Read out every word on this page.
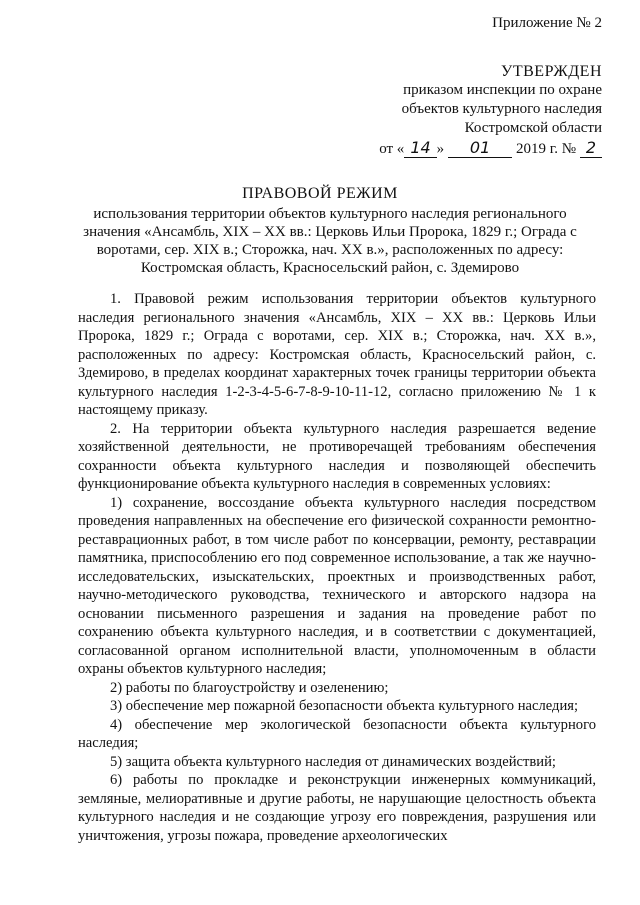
Приложение № 2
УТВЕРЖДЕН
приказом инспекции по охране
объектов культурного наследия
Костромской области
от « 14 » 01 2019 г. № 2
ПРАВОВОЙ РЕЖИМ
использования территории объектов культурного наследия регионального значения «Ансамбль, XIX – XX вв.: Церковь Ильи Пророка, 1829 г.; Ограда с воротами, сер. XIX в.; Сторожка, нач. XX в.», расположенных по адресу: Костромская область, Красносельский район, с. Здемирово

1. Правовой режим использования территории объектов культурного наследия регионального значения «Ансамбль, XIX – XX вв.: Церковь Ильи Пророка, 1829 г.; Ограда с воротами, сер. XIX в.; Сторожка, нач. XX в.», расположенных по адресу: Костромская область, Красносельский район, с. Здемирово, в пределах координат характерных точек границы территории объекта культурного наследия 1-2-3-4-5-6-7-8-9-10-11-12, согласно приложению № 1 к настоящему приказу.

2. На территории объекта культурного наследия разрешается ведение хозяйственной деятельности, не противоречащей требованиям обеспечения сохранности объекта культурного наследия и позволяющей обеспечить функционирование объекта культурного наследия в современных условиях:

1) сохранение, воссоздание объекта культурного наследия посредством проведения направленных на обеспечение его физической сохранности ремонтно-реставрационных работ, в том числе работ по консервации, ремонту, реставрации памятника, приспособлению его под современное использование, а так же научно-исследовательских, изыскательских, проектных и производственных работ, научно-методического руководства, технического и авторского надзора на основании письменного разрешения и задания на проведение работ по сохранению объекта культурного наследия, и в соответствии с документацией, согласованной органом исполнительной власти, уполномоченным в области охраны объектов культурного наследия;

2) работы по благоустройству и озеленению;

3) обеспечение мер пожарной безопасности объекта культурного наследия;

4) обеспечение мер экологической безопасности объекта культурного наследия;

5) защита объекта культурного наследия от динамических воздействий;

6) работы по прокладке и реконструкции инженерных коммуникаций, земляные, мелиоративные и другие работы, не нарушающие целостность объекта культурного наследия и не создающие угрозу его повреждения, разрушения или уничтожения, угрозы пожара, проведение археологических
